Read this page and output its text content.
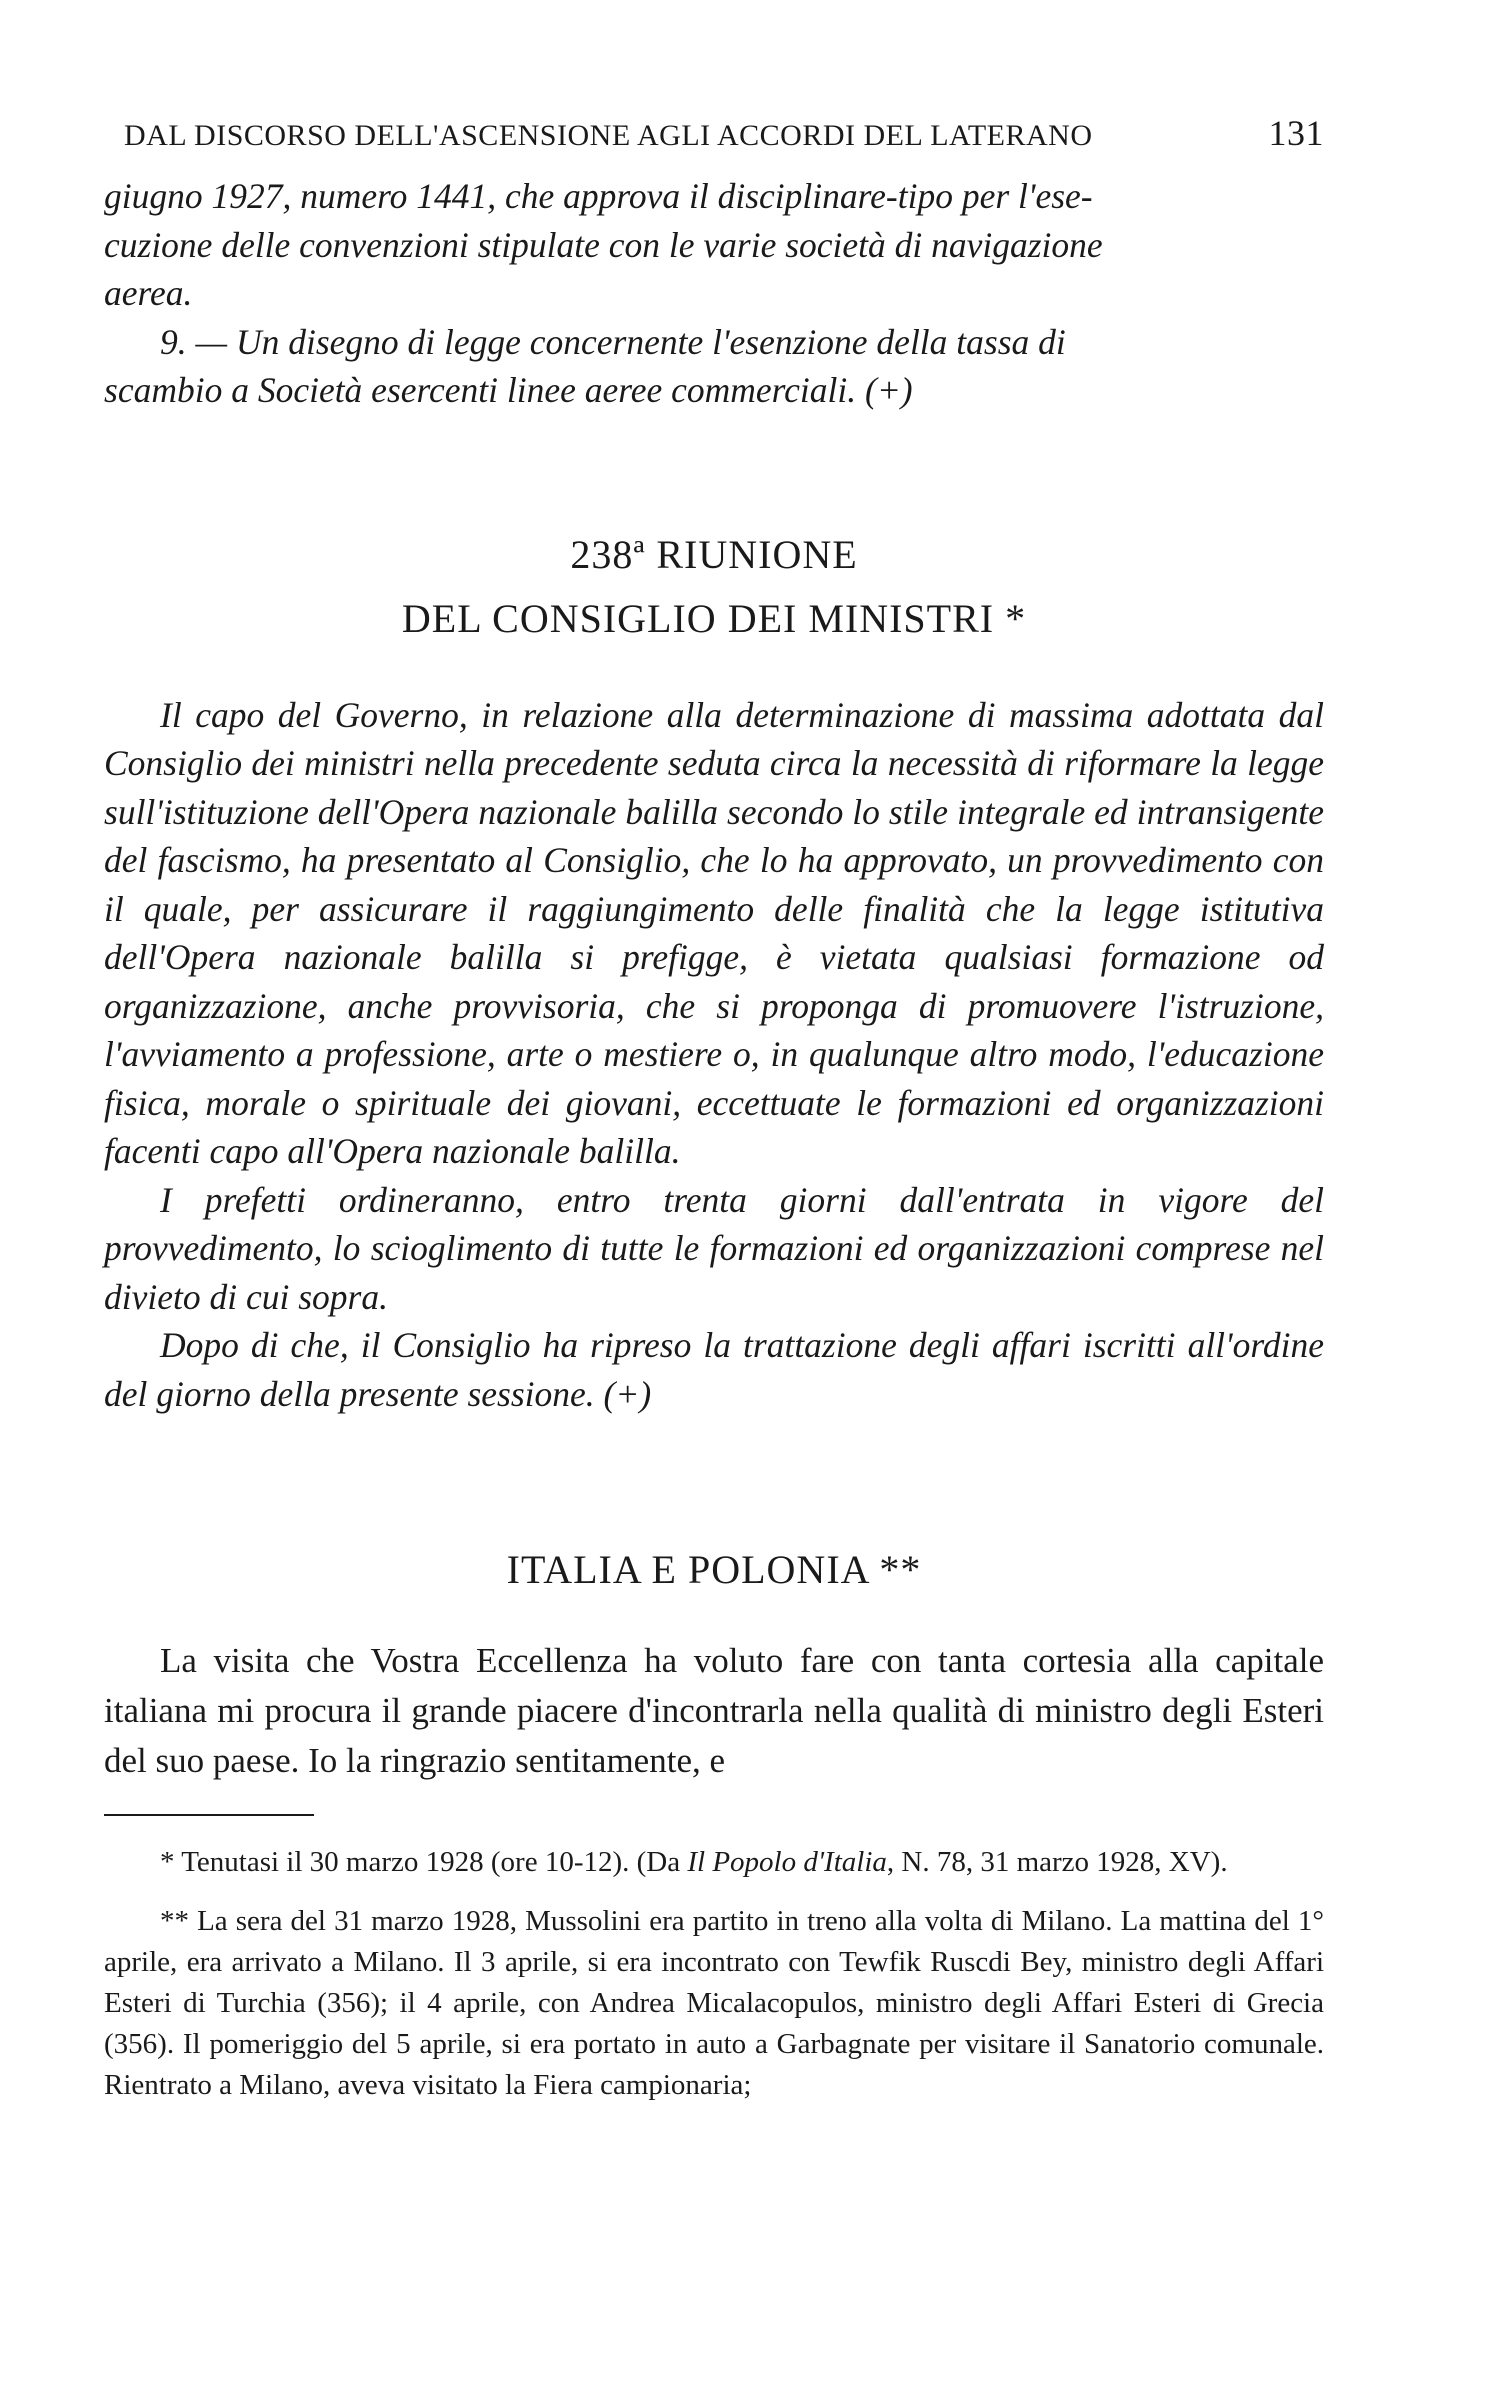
DAL DISCORSO DELL'ASCENSIONE AGLI ACCORDI DEL LATERANO	131

giugno 1927, numero 1441, che approva il disciplinare-tipo per l'ese-

cuzione delle convenzioni stipulate con le varie società di navigazione

aerea.

9. — Un disegno di legge concernente l'esenzione della tassa di

scambio a Società esercenti linee aeree commerciali. (+)

238ª RIUNIONE
DEL CONSIGLIO DEI MINISTRI *

Il capo del Governo, in relazione alla determinazione di massima adottata dal Consiglio dei ministri nella precedente seduta circa la necessità di riformare la legge sull'istituzione dell'Opera nazionale balilla secondo lo stile integrale ed intransigente del fascismo, ha presentato al Consiglio, che lo ha approvato, un provvedimento con il quale, per assicurare il raggiungimento delle finalità che la legge istitutiva dell'Opera nazionale balilla si prefigge, è vietata qualsiasi formazione od organizzazione, anche provvisoria, che si proponga di promuovere l'istruzione, l'avviamento a professione, arte o mestiere o, in qualunque altro modo, l'educazione fisica, morale o spirituale dei giovani, eccettuate le formazioni ed organizzazioni facenti capo all'Opera nazionale balilla.

I prefetti ordineranno, entro trenta giorni dall'entrata in vigore del provvedimento, lo scioglimento di tutte le formazioni ed organizzazioni comprese nel divieto di cui sopra.

Dopo di che, il Consiglio ha ripreso la trattazione degli affari iscritti all'ordine del giorno della presente sessione. (+)

ITALIA E POLONIA **

La visita che Vostra Eccellenza ha voluto fare con tanta cortesia alla capitale italiana mi procura il grande piacere d'incontrarla nella qualità di ministro degli Esteri del suo paese. Io la ringrazio sentitamente, e

* Tenutasi il 30 marzo 1928 (ore 10-12). (Da Il Popolo d'Italia, N. 78, 31 marzo 1928, XV).

** La sera del 31 marzo 1928, Mussolini era partito in treno alla volta di Milano. La mattina del 1° aprile, era arrivato a Milano. Il 3 aprile, si era incontrato con Tewfik Ruscdi Bey, ministro degli Affari Esteri di Turchia (356); il 4 aprile, con Andrea Micalacopulos, ministro degli Affari Esteri di Grecia (356). Il pomeriggio del 5 aprile, si era portato in auto a Garbagnate per visitare il Sanatorio comunale. Rientrato a Milano, aveva visitato la Fiera campionaria;
